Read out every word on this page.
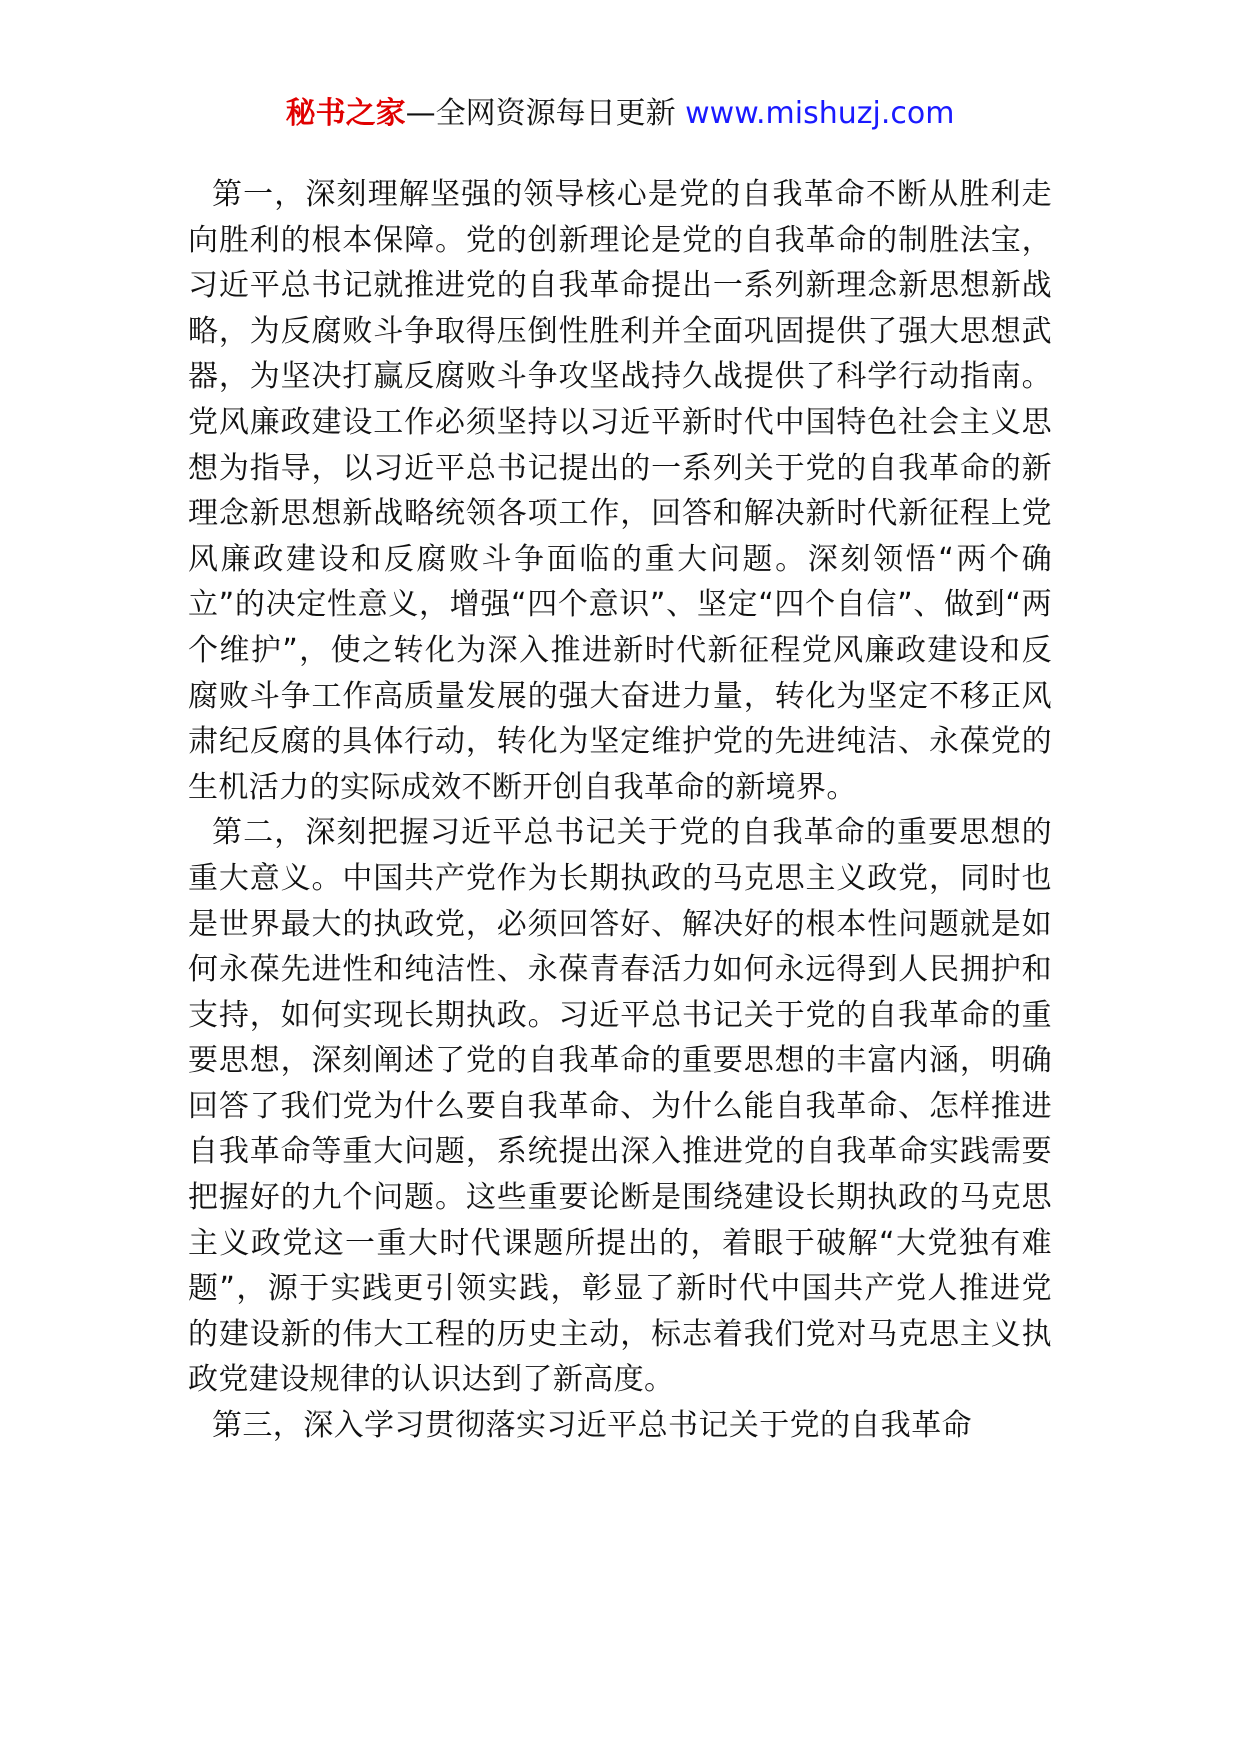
秘书之家—全网资源每日更新 www.mishuzj.com

第一，深刻理解坚强的领导核心是党的自我革命不断从胜利走向胜利的根本保障。党的创新理论是党的自我革命的制胜法宝，习近平总书记就推进党的自我革命提出一系列新理念新思想新战略，为反腐败斗争取得压倒性胜利并全面巩固提供了强大思想武器，为坚决打赢反腐败斗争攻坚战持久战提供了科学行动指南。党风廉政建设工作必须坚持以习近平新时代中国特色社会主义思想为指导，以习近平总书记提出的一系列关于党的自我革命的新理念新思想新战略统领各项工作，回答和解决新时代新征程上党风廉政建设和反腐败斗争面临的重大问题。深刻领悟“两个确立”的决定性意义，增强“四个意识”、坚定“四个自信”、做到“两个维护”，使之转化为深入推进新时代新征程党风廉政建设和反腐败斗争工作高质量发展的强大奋进力量，转化为坚定不移正风肃纪反腐的具体行动，转化为坚定维护党的先进纯洁、永葆党的生机活力的实际成效不断开创自我革命的新境界。

第二，深刻把握习近平总书记关于党的自我革命的重要思想的重大意义。中国共产党作为长期执政的马克思主义政党，同时也是世界最大的执政党，必须回答好、解决好的根本性问题就是如何永葆先进性和纯洁性、永葆青春活力如何永远得到人民拥护和支持，如何实现长期执政。习近平总书记关于党的自我革命的重要思想，深刻阐述了党的自我革命的重要思想的丰富内涵，明确回答了我们党为什么要自我革命、为什么能自我革命、怎样推进自我革命等重大问题，系统提出深入推进党的自我革命实践需要把握好的九个问题。这些重要论断是围绕建设长期执政的马克思主义政党这一重大时代课题所提出的，着眼于破解“大党独有难题”，源于实践更引领实践，彰显了新时代中国共产党人推进党的建设新的伟大工程的历史主动，标志着我们党对马克思主义执政党建设规律的认识达到了新高度。

第三，深入学习贯彻落实习近平总书记关于党的自我革命
